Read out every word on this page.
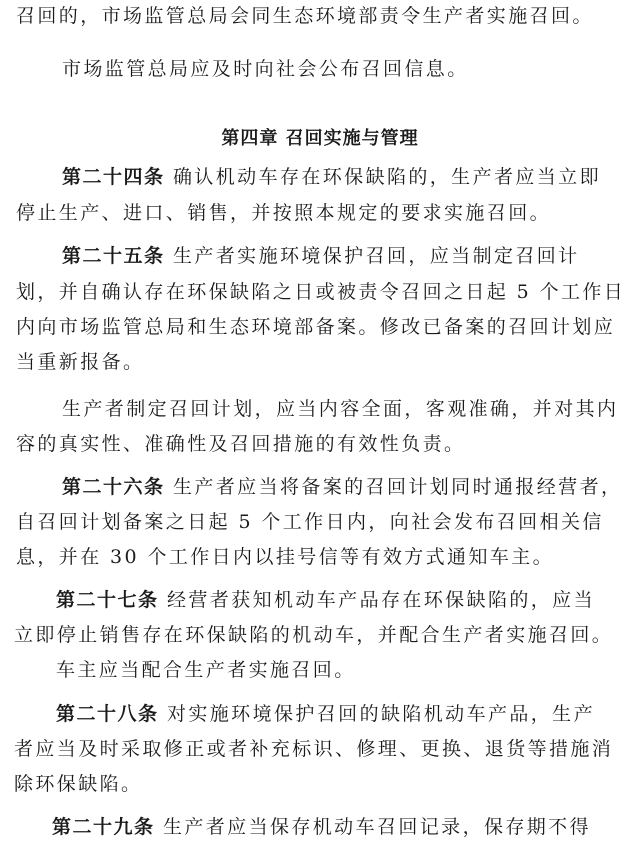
召回的，市场监管总局会同生态环境部责令生产者实施召回。
市场监管总局应及时向社会公布召回信息。
第四章 召回实施与管理
第二十四条 确认机动车存在环保缺陷的，生产者应当立即
停止生产、进口、销售，并按照本规定的要求实施召回。
第二十五条 生产者实施环境保护召回，应当制定召回计
划，并自确认存在环保缺陷之日或被责令召回之日起 5 个工作日
内向市场监管总局和生态环境部备案。修改已备案的召回计划应
当重新报备。
生产者制定召回计划，应当内容全面，客观准确，并对其内
容的真实性、准确性及召回措施的有效性负责。
第二十六条 生产者应当将备案的召回计划同时通报经营者，
自召回计划备案之日起 5 个工作日内，向社会发布召回相关信
息，并在 30 个工作日内以挂号信等有效方式通知车主。
第二十七条 经营者获知机动车产品存在环保缺陷的，应当
立即停止销售存在环保缺陷的机动车，并配合生产者实施召回。
车主应当配合生产者实施召回。
第二十八条 对实施环境保护召回的缺陷机动车产品，生产
者应当及时采取修正或者补充标识、修理、更换、退货等措施消
除环保缺陷。
第二十九条 生产者应当保存机动车召回记录，保存期不得
